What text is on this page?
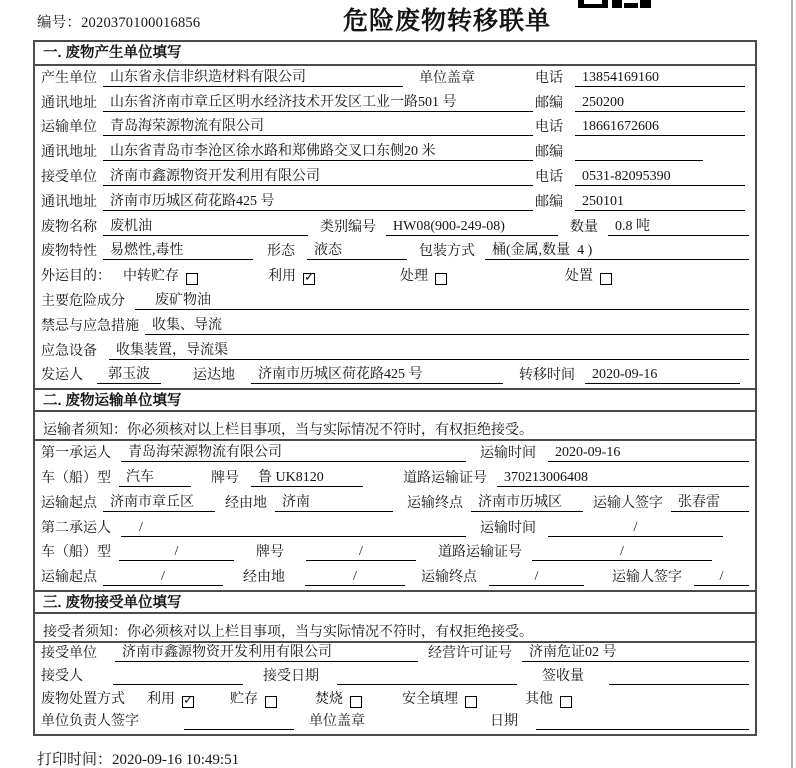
编号：2020370100016856	危险废物转移联单
一. 废物产生单位填写
产生单位 山东省永信非织造材料有限公司	单位盖章	电话	13854169160
通讯地址 山东省济南市章丘区明水经济技术开发区工业一路501 号	邮编	250200
运输单位 青岛海荣源物流有限公司	电话	18661672606
通讯地址 山东省青岛市李沧区徐水路和郑佛路交叉口东侧20 米	邮编
接受单位 济南市鑫源物资开发利用有限公司	电话	0531-82095390
通讯地址 济南市历城区荷花路425 号	邮编	250101
废物名称 废机油	类别编号	HW08(900-249-08)	数量	0.8 吨
废物特性 易燃性,毒性	形态	液态	包装方式	桶(金属,数量  4 )
外运目的： 中转贮存	利用 ✓	处理	处置
主要危险成分	废矿物油
禁忌与应急措施 收集、导流
应急设备	收集装置，导流渠
发运人	郭玉波	运达地	济南市历城区荷花路425 号	转移时间	2020-09-16
二. 废物运输单位填写
运输者须知：你必须核对以上栏目事项，当与实际情况不符时，有权拒绝接受。
第一承运人	青岛海荣源物流有限公司	运输时间	2020-09-16
车（船）型	汽车	牌号	鲁 UK8120	道路运输证号	370213006408
运输起点 济南市章丘区	经由地	济南	运输终点	济南市历城区	运输人签字	张春雷
第二承运人	/	运输时间	/
车（船）型	/	牌号	/	道路运输证号	/
运输起点	/	经由地	/	运输终点	/	运输人签字	/
三. 废物接受单位填写
接受者须知：你必须核对以上栏目事项，当与实际情况不符时，有权拒绝接受。
接受单位	济南市鑫源物资开发利用有限公司	经营许可证号	济南危证02 号
接受人	接受日期	签收量
废物处置方式 利用 ✓	贮存	焚烧	安全填埋	其他
单位负责人签字	单位盖章	日期
打印时间：2020-09-16 10:49:51
